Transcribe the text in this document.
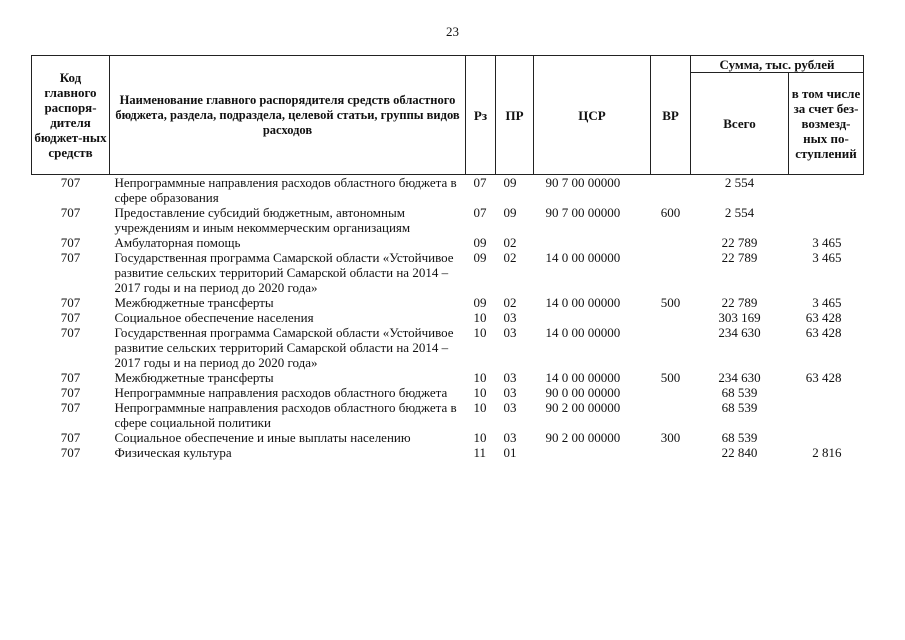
23
Код главного распоря-дителя бюджет-ных средств	Наименование главного распорядителя средств областного бюджета, раздела, подраздела, целевой статьи, группы видов расходов	Рз	ПР	ЦСР	ВР	Сумма, тыс. рублей	
						Всего	в том числе за счет без-возмезд-ных по-ступлений
707	Непрограммные направления расходов областного бюджета в сфере образования	07	09	90 7 00 00000		2 554	
707	Предоставление субсидий бюджетным, автономным учреждениям и иным некоммерческим организациям	07	09	90 7 00 00000	600	2 554	
707	Амбулаторная помощь	09	02			22 789	3 465
707	Государственная программа Самарской области «Устойчивое развитие сельских территорий Самарской области на 2014 – 2017 годы и на период до 2020 года»	09	02	14 0 00 00000		22 789	3 465
707	Межбюджетные трансферты	09	02	14 0 00 00000	500	22 789	3 465
707	Социальное обеспечение населения	10	03			303 169	63 428
707	Государственная программа Самарской области «Устойчивое развитие сельских территорий Самарской области на 2014 – 2017 годы и на период до 2020 года»	10	03	14 0 00 00000		234 630	63 428
707	Межбюджетные трансферты	10	03	14 0 00 00000	500	234 630	63 428
707	Непрограммные направления расходов областного бюджета	10	03	90 0 00 00000		68 539	
707	Непрограммные направления расходов областного бюджета в сфере социальной политики	10	03	90 2 00 00000		68 539	
707	Социальное обеспечение и иные выплаты населению	10	03	90 2 00 00000	300	68 539	
707	Физическая культура	11	01			22 840	2 816
